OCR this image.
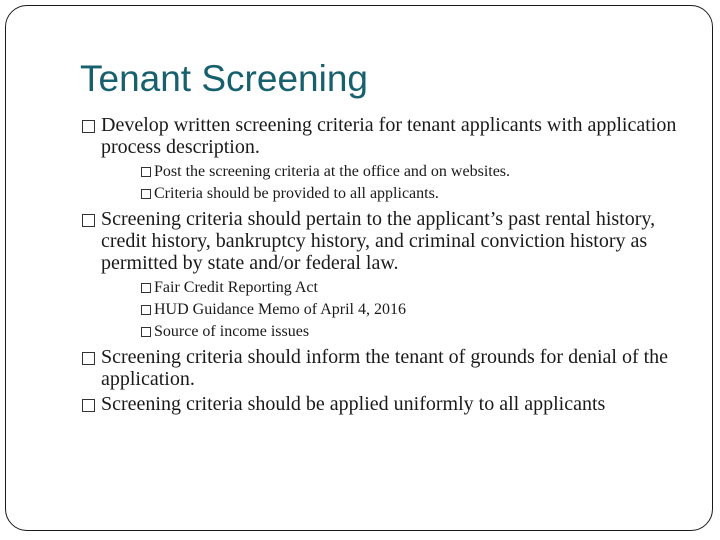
Tenant Screening
Develop written screening criteria for tenant applicants with application process description.
Post the screening criteria at the office and on websites.
Criteria should be provided to all applicants.
Screening criteria should pertain to the applicant’s past rental history, credit history, bankruptcy history, and criminal conviction history as permitted by state and/or federal law.
Fair Credit Reporting Act
HUD Guidance Memo of April 4, 2016
Source of income issues
Screening criteria should inform the tenant of grounds for denial of the application.
Screening criteria should be applied uniformly to all applicants
